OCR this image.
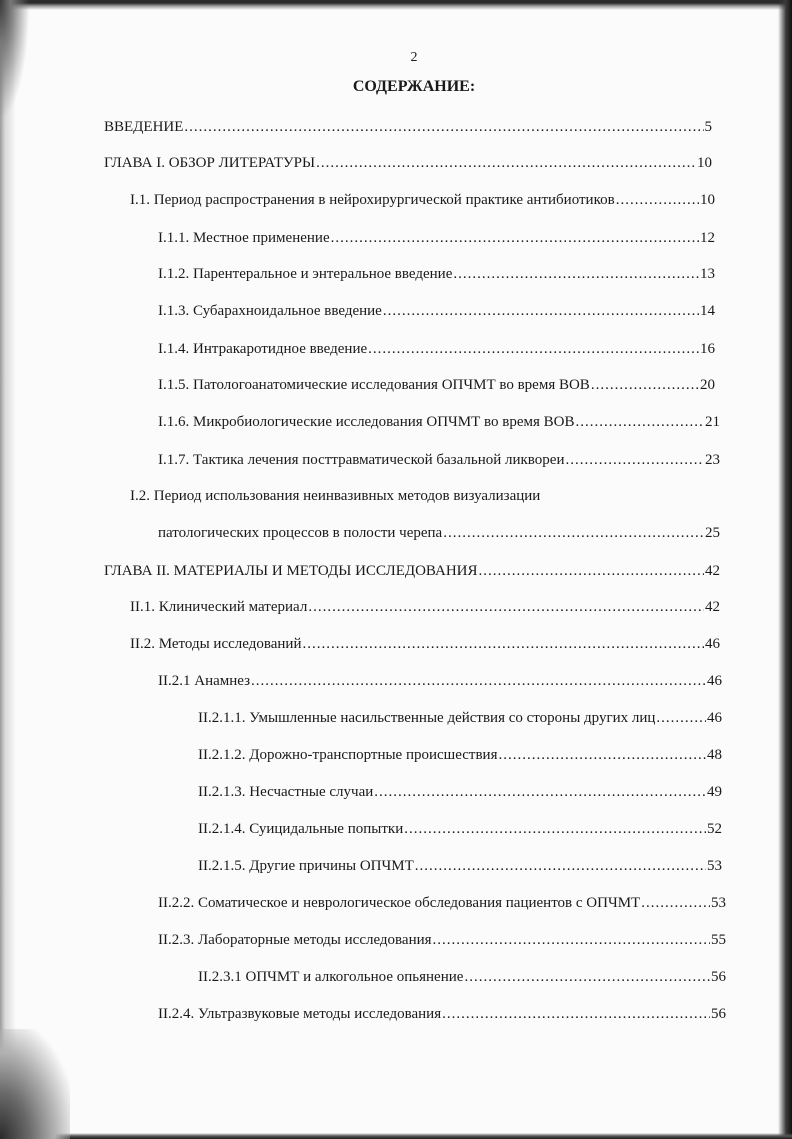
2
СОДЕРЖАНИЕ:
ВВЕДЕНИЕ .....	5
ГЛАВА I. ОБЗОР ЛИТЕРАТУРЫ .....	10
I.1. Период распространения в нейрохирургической практике антибиотиков .....	10
I.1.1. Местное применение .....	12
I.1.2. Парентеральное и энтеральное введение .....	13
I.1.3. Субарахноидальное введение .....	14
I.1.4. Интракаротидное введение .....	16
I.1.5. Патологоанатомические исследования ОПЧМТ во время ВОВ .....	20
I.1.6. Микробиологические исследования ОПЧМТ во время ВОВ .....	21
I.1.7. Тактика лечения посттравматической базальной ликвореи .....	23
I.2. Период использования неинвазивных методов визуализации
патологических процессов в полости черепа .....	25
ГЛАВА II. МАТЕРИАЛЫ И МЕТОДЫ ИССЛЕДОВАНИЯ .....	42
II.1. Клинический материал .....	42
II.2. Методы исследований .....	46
II.2.1 Анамнез .....	46
II.2.1.1. Умышленные насильственные действия со стороны других лиц .....	46
II.2.1.2. Дорожно-транспортные происшествия .....	48
II.2.1.3. Несчастные случаи .....	49
II.2.1.4. Суицидальные попытки .....	52
II.2.1.5. Другие причины ОПЧМТ .....	53
II.2.2. Соматическое и неврологическое обследования пациентов с ОПЧМТ .....	53
II.2.3. Лабораторные методы исследования .....	55
II.2.3.1 ОПЧМТ и алкогольное опьянение .....	56
II.2.4. Ультразвуковые методы исследования .....	56
